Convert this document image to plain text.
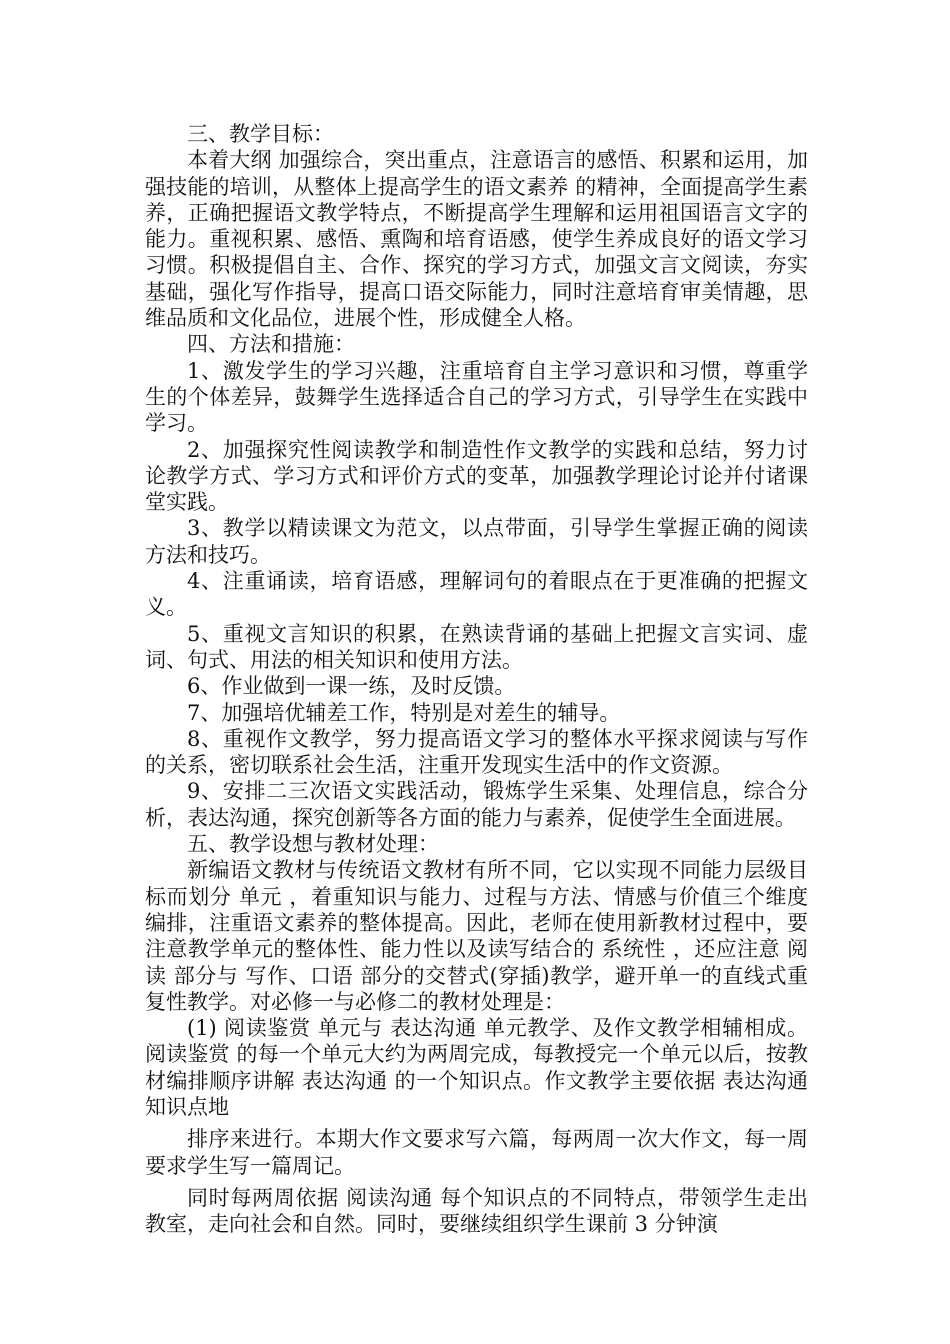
三、教学目标：

本着大纲 加强综合，突出重点，注意语言的感悟、积累和运用，加强技能的培训，从整体上提高学生的语文素养 的精神，全面提高学生素养，正确把握语文教学特点，不断提高学生理解和运用祖国语言文字的能力。重视积累、感悟、熏陶和培育语感，使学生养成良好的语文学习习惯。积极提倡自主、合作、探究的学习方式，加强文言文阅读，夯实基础，强化写作指导，提高口语交际能力，同时注意培育审美情趣，思维品质和文化品位，进展个性，形成健全人格。

四、方法和措施：

1、激发学生的学习兴趣，注重培育自主学习意识和习惯，尊重学生的个体差异，鼓舞学生选择适合自己的学习方式，引导学生在实践中学习。

2、加强探究性阅读教学和制造性作文教学的实践和总结，努力讨论教学方式、学习方式和评价方式的变革，加强教学理论讨论并付诸课堂实践。

3、教学以精读课文为范文，以点带面，引导学生掌握正确的阅读方法和技巧。

4、注重诵读，培育语感，理解词句的着眼点在于更准确的把握文义。

5、重视文言知识的积累，在熟读背诵的基础上把握文言实词、虚词、句式、用法的相关知识和使用方法。

6、作业做到一课一练，及时反馈。

7、加强培优辅差工作，特别是对差生的辅导。

8、重视作文教学，努力提高语文学习的整体水平探求阅读与写作的关系，密切联系社会生活，注重开发现实生活中的作文资源。

9、安排二三次语文实践活动，锻炼学生采集、处理信息，综合分析，表达沟通，探究创新等各方面的能力与素养，促使学生全面进展。

五、教学设想与教材处理：

新编语文教材与传统语文教材有所不同，它以实现不同能力层级目标而划分 单元 ，着重知识与能力、过程与方法、情感与价值三个维度编排，注重语文素养的整体提高。因此，老师在使用新教材过程中，要注意教学单元的整体性、能力性以及读写结合的 系统性 ，还应注意 阅读 部分与 写作、口语 部分的交替式(穿插)教学，避开单一的直线式重复性教学。对必修一与必修二的教材处理是：

(1) 阅读鉴赏 单元与 表达沟通 单元教学、及作文教学相辅相成。 阅读鉴赏 的每一个单元大约为两周完成，每教授完一个单元以后，按教材编排顺序讲解 表达沟通 的一个知识点。作文教学主要依据 表达沟通 知识点地

排序来进行。本期大作文要求写六篇，每两周一次大作文，每一周要求学生写一篇周记。

同时每两周依据 阅读沟通 每个知识点的不同特点，带领学生走出教室，走向社会和自然。同时，要继续组织学生课前 3 分钟演
